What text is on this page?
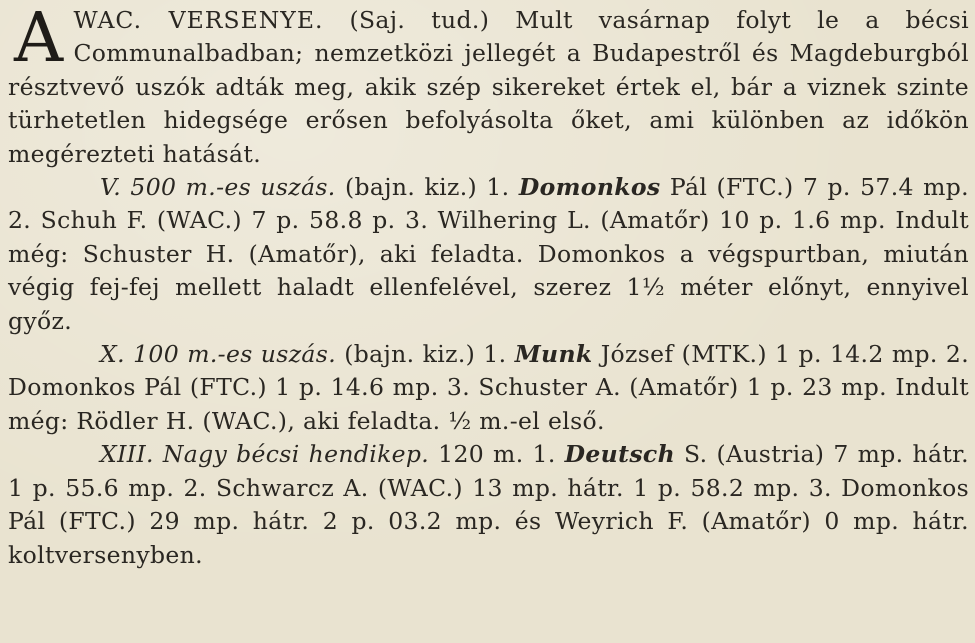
AWAC. VERSENYE. (Saj. tud.) Mult vasárnap folyt le a bécsi Communalbadban; nemzetközi jellegét a Budapestről és Magdeburgból résztvevő uszók adták meg, akik szép sikereket értek el, bár a viznek szinte türhetetlen hidegsége erősen befolyásolta őket, ami különben az időkön megérezteti hatását.

V. 500 m.-es uszás. (bajn. kiz.) 1. Domonkos Pál (FTC.) 7 p. 57.4 mp. 2. Schuh F. (WAC.) 7 p. 58.8 p. 3. Wilhering L. (Amatőr) 10 p. 1.6 mp. Indult még: Schuster H. (Amatőr), aki feladta. Domonkos a végspurtban, miután végig fej-fej mellett haladt ellenfelével, szerez 1½ méter előnyt, ennyivel győz.

X. 100 m.-es uszás. (bajn. kiz.) 1. Munk József (MTK.) 1 p. 14.2 mp. 2. Domonkos Pál (FTC.) 1 p. 14.6 mp. 3. Schuster A. (Amatőr) 1 p. 23 mp. Indult még: Rödler H. (WAC.), aki feladta. ½ m.-el első.

XIII. Nagy bécsi hendikep. 120 m. 1. Deutsch S. (Austria) 7 mp. hátr. 1 p. 55.6 mp. 2. Schwarcz A. (WAC.) 13 mp. hátr. 1 p. 58.2 mp. 3. Domonkos Pál (FTC.) 29 mp. hátr. 2 p. 03.2 mp. és Weyrich F. (Amatőr) 0 mp. hátr. koltversenyben.
